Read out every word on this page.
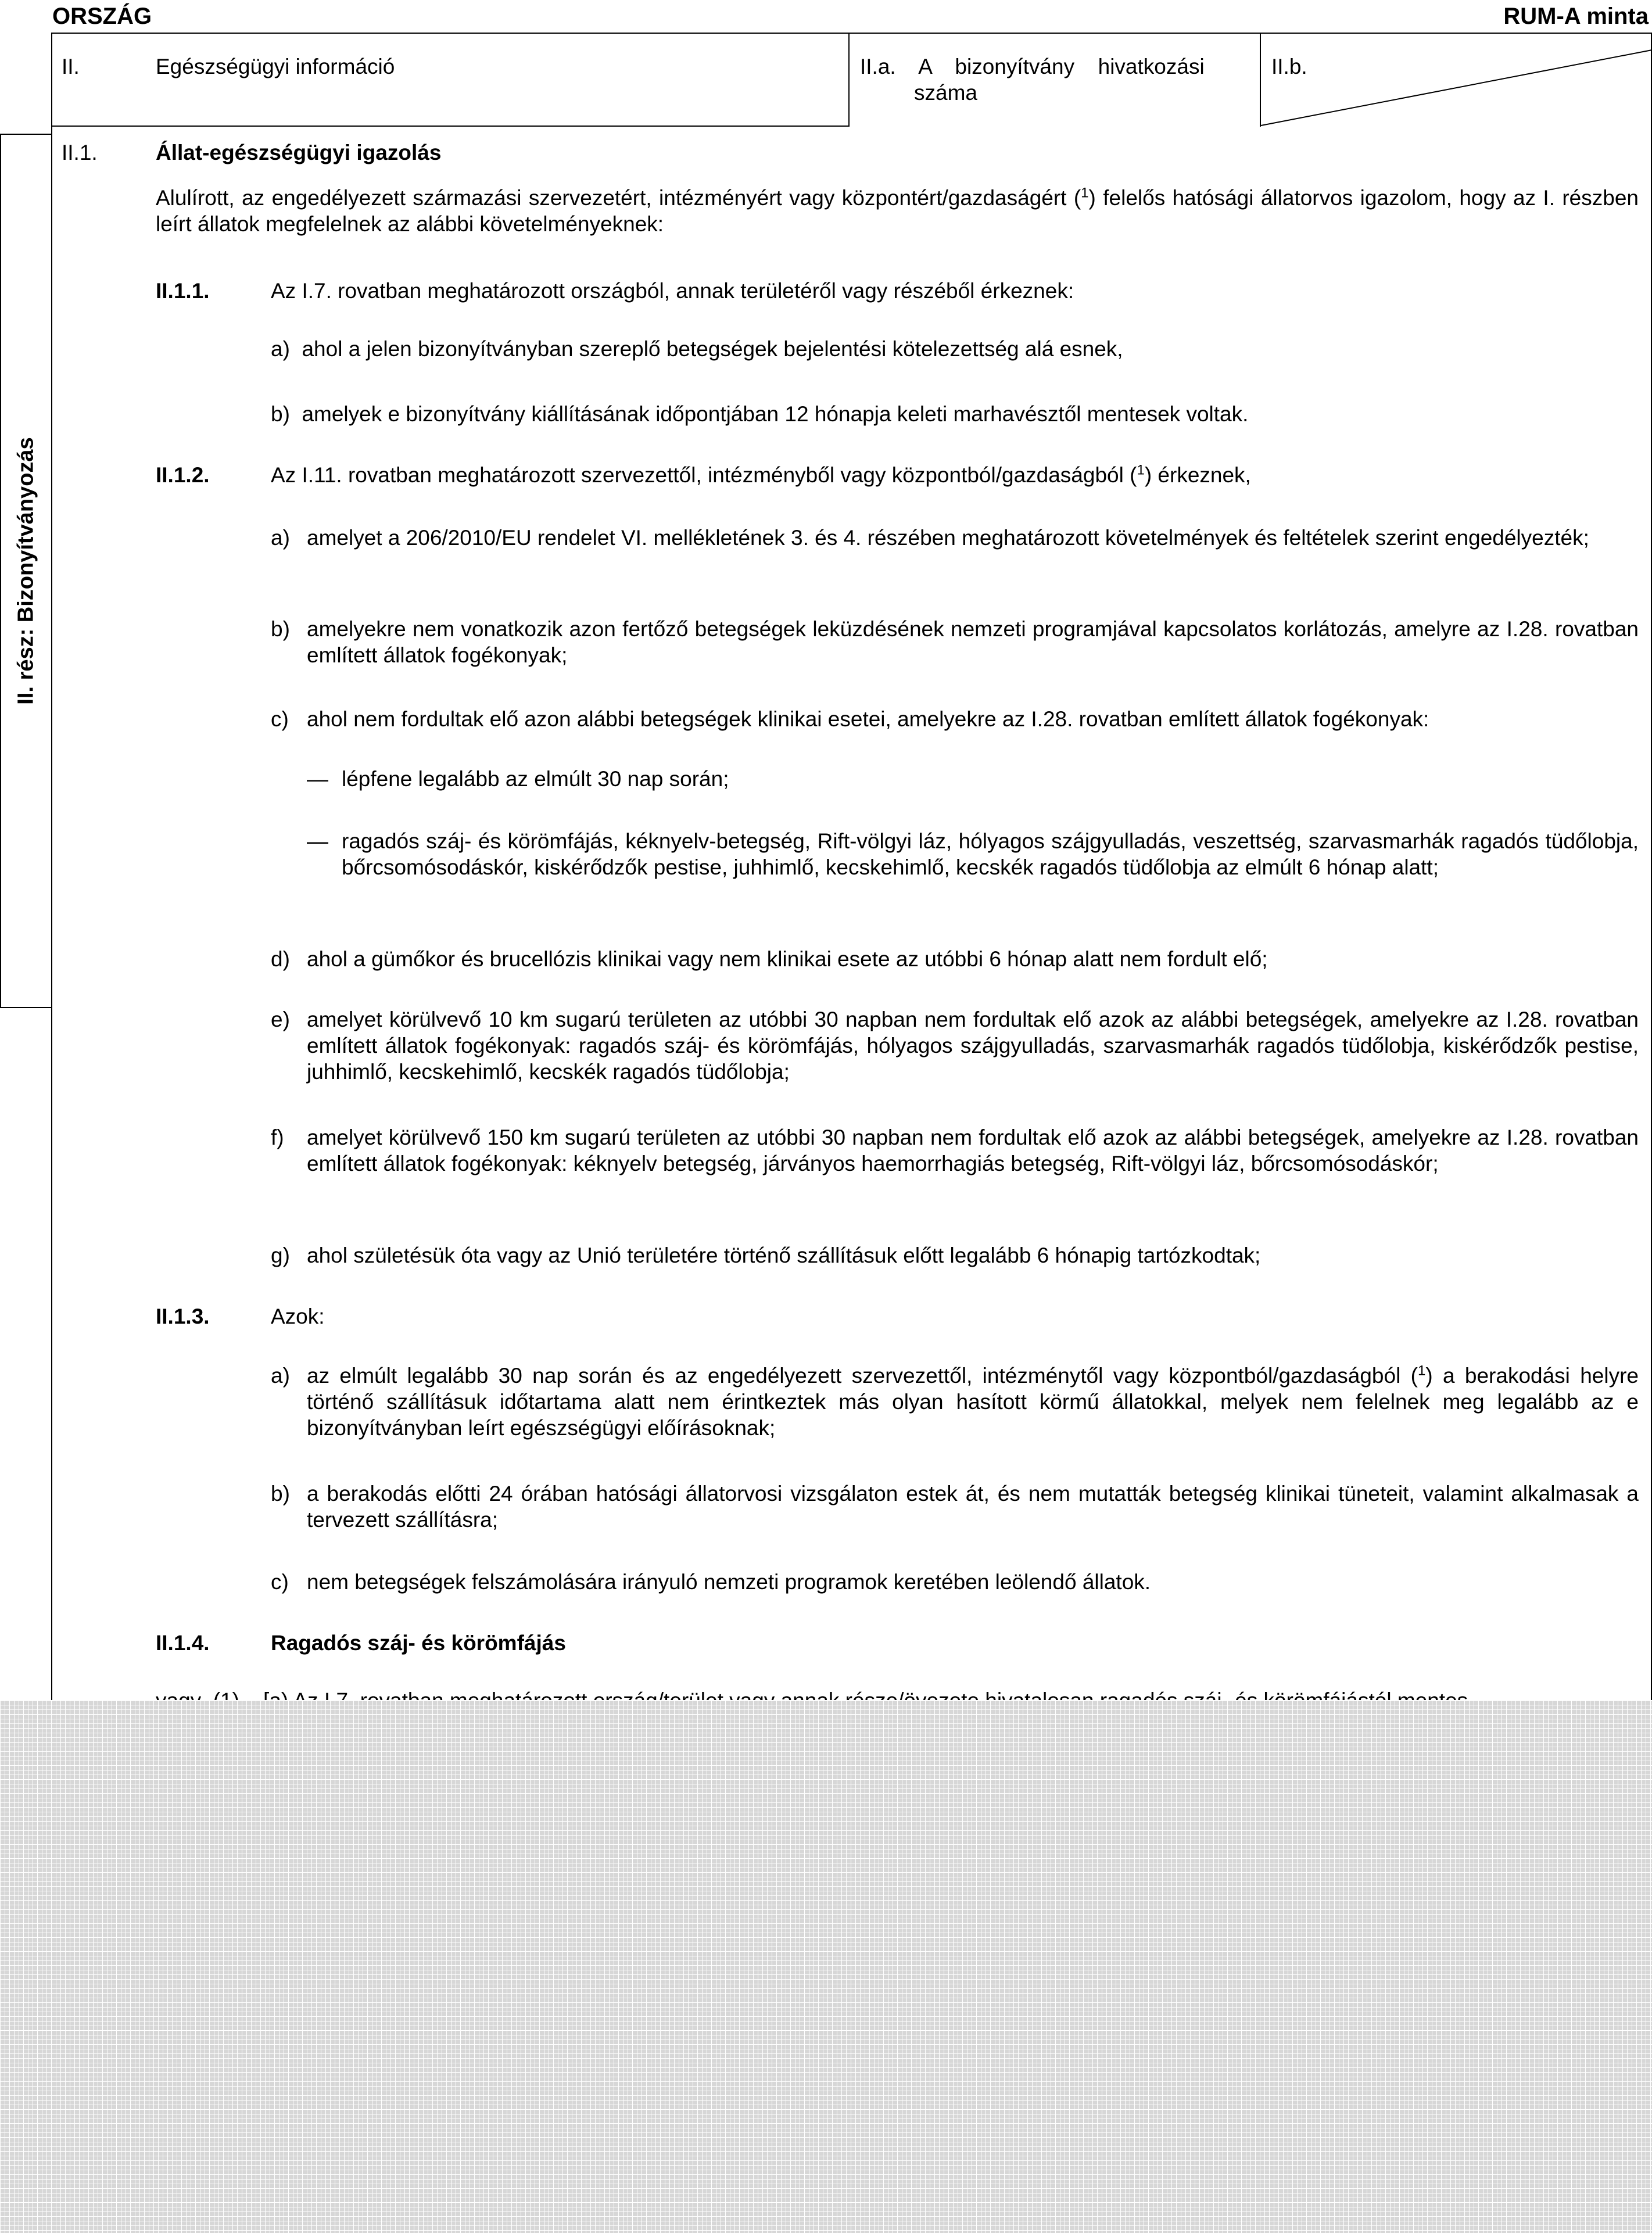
ORSZÁG	RUM-A minta
II.	Egészségügyi információ	II.a.  A  bizonyítvány  hivatkozási
száma
II.b.
II. rész: Bizonyítványozás
II.1.	Állat-egészségügyi igazolás
Alulírott, az engedélyezett származási szervezetért, intézményért vagy központért/gazdaságért ($^1$) felelős hatósági állatorvos igazolom, hogy az I. részben leírt állatok megfelelnek az alábbi követelményeknek:
II.1.1.	Az I.7. rovatban meghatározott országból, annak területéről vagy részéből érkeznek:
a)  ahol a jelen bizonyítványban szereplő betegségek bejelentési kötelezettség alá esnek,
b)  amelyek e bizonyítvány kiállításának időpontjában 12 hónapja keleti marhavésztől mentesek voltak.
II.1.2.	Az I.11. rovatban meghatározott szervezettől, intézményből vagy központból/gazdaságból ($^1$) érkeznek,
a) amelyet a 206/2010/EU rendelet VI. mellékletének 3. és 4. részében meghatározott követelmények és feltételek szerint engedélyezték;
b) amelyekre nem vonatkozik azon fertőző betegségek leküzdésének nemzeti programjával kapcsolatos korlátozás, amelyre az I.28. rovatban említett állatok fogékonyak;
c) ahol nem fordultak elő azon alábbi betegségek klinikai esetei, amelyekre az I.28. rovatban említett állatok fogékonyak:
— lépfene legalább az elmúlt 30 nap során;
— ragadós száj- és körömfájás, kéknyelv-betegség, Rift-völgyi láz, hólyagos szájgyulladás, veszettség, szarvasmarhák ragadós tüdőlobja, bőrcsomósodáskór, kiskérődzők pestise, juhhimlő, kecskehimlő, kecskék ragadós tüdőlobja az elmúlt 6 hónap alatt;
d) ahol a gümőkor és brucellózis klinikai vagy nem klinikai esete az utóbbi 6 hónap alatt nem fordult elő;
e) amelyet körülvevő 10 km sugarú területen az utóbbi 30 napban nem fordultak elő azok az alábbi betegségek, amelyekre az I.28. rovatban említett állatok fogékonyak: ragadós száj- és körömfájás, hólyagos szájgyulladás, szarvasmarhák ragadós tüdőlobja, kiskérődzők pestise, juhhimlő, kecskehimlő, kecskék ragadós tüdőlobja;
f) amelyet körülvevő 150 km sugarú területen az utóbbi 30 napban nem fordultak elő azok az alábbi betegségek, amelyekre az I.28. rovatban említett állatok fogékonyak: kéknyelv betegség, járványos haemorrhagiás betegség, Rift-völgyi láz, bőrcsomósodáskór;
g) ahol születésük óta vagy az Unió területére történő szállításuk előtt legalább 6 hónapig tartózkodtak;
II.1.3.	Azok:
a) az elmúlt legalább 30 nap során és az engedélyezett szervezettől, intézménytől vagy központból/gazdaságból ($^1$) a berakodási helyre történő szállításuk időtartama alatt nem érintkeztek más olyan hasított körmű állatokkal, melyek nem felelnek meg legalább az e bizonyítványban leírt egészségügyi előírásoknak;
b) a berakodás előtti 24 órában hatósági állatorvosi vizsgálaton estek át, és nem mutatták betegség klinikai tüneteit, valamint alkalmasak a tervezett szállításra;
c) nem betegségek felszámolására irányuló nemzeti programok keretében leölendő állatok.
II.1.4.	Ragadós száj- és körömfájás
